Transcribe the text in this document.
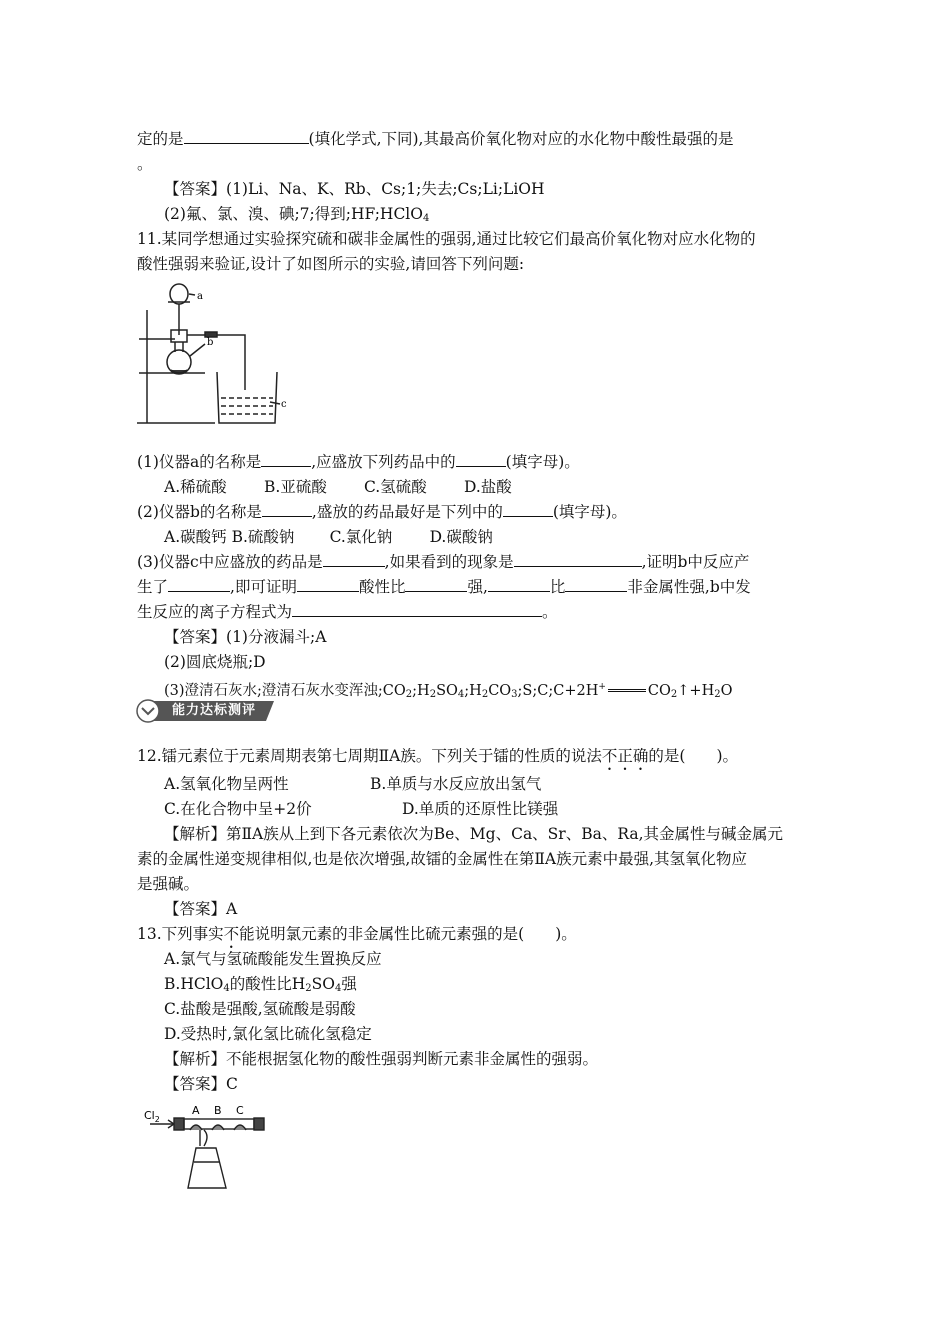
定的是	(填化学式,下同),其最高价氧化物对应的水化物中酸性最强的是
。
【答案】(1)Li、Na、K、Rb、Cs;1;失去;Cs;Li;LiOH
(2)氟、氯、溴、碘;7;得到;HF;HClO$_4$
11.某同学想通过实验探究硫和碳非金属性的强弱,通过比较它们最高价氧化物对应水化物的
酸性强弱来验证,设计了如图所示的实验,请回答下列问题:
a
b
c
(1)仪器a的名称是	,应盛放下列药品中的	(填字母)。
A.稀硫酸 B.亚硫酸 C.氢硫酸 D.盐酸
(2)仪器b的名称是	,盛放的药品最好是下列中的	(填字母)。
A.碳酸钙 B.硫酸钠 C.氯化钠 D.碳酸钠
(3)仪器c中应盛放的药品是	,如果看到的现象是	,证明b中反应产
生了	,即可证明	酸性比	强,	比	非金属性强,b中发
生反应的离子方程式为	。
【答案】(1)分液漏斗;A
(2)圆底烧瓶;D
(3)澄清石灰水;澄清石灰水变浑浊$;CO_2;H_2SO_4;H_2CO_3;S;C;C+2H^+$	$CO_2↑+H_2O$
能力达标测评
12.镭元素位于元素周期表第七周期ⅡA族。下列关于镭的性质的说法不正确的是(　　)。
A.氢氧化物呈两性	B.单质与水反应放出氢气
C.在化合物中呈+2价	D.单质的还原性比镁强
【解析】第ⅡA族从上到下各元素依次为Be、Mg、Ca、Sr、Ba、Ra,其金属性与碱金属元
素的金属性递变规律相似,也是依次增强,故镭的金属性在第ⅡA族元素中最强,其氢氧化物应
是强碱。
【答案】A
13.下列事实不能说明氯元素的非金属性比硫元素强的是(　　)。
A.氯气与氢硫酸能发生置换反应
B.HClO$_4$的酸性比$H_2SO_4$强
C.盐酸是强酸,氢硫酸是弱酸
D.受热时,氯化氢比硫化氢稳定
【解析】不能根据氢化物的酸性强弱判断元素非金属性的强弱。
【答案】C
$Cl_2$
A B C
